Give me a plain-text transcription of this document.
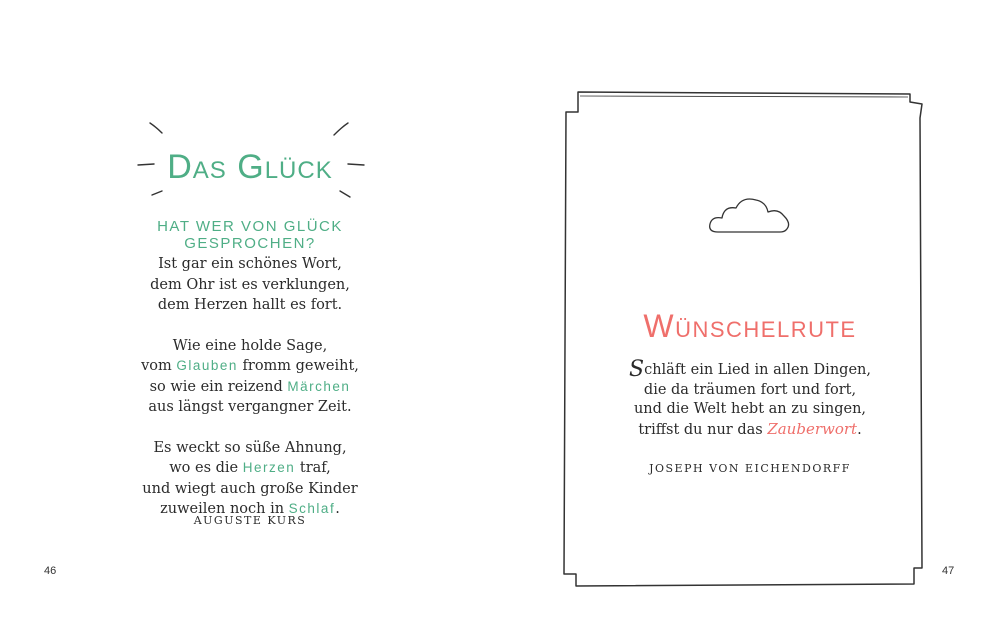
Das Glück

HAT WER VON GLÜCK GESPROCHEN?

Ist gar ein schönes Wort,
dem Ohr ist es verklungen,
dem Herzen hallt es fort.
Wie eine holde Sage,
vom Glauben fromm geweiht,
so wie ein reizend Märchen
aus längst vergangner Zeit.
Es weckt so süße Ahnung,
wo es die Herzen traf,
und wiegt auch große Kinder
zuweilen noch in Schlaf.

AUGUSTE KURS

46
Wünschelrute
Schläft ein Lied in allen Dingen,
die da träumen fort und fort,
und die Welt hebt an zu singen,
triffst du nur das Zauberwort.

JOSEPH VON EICHENDORFF

47
